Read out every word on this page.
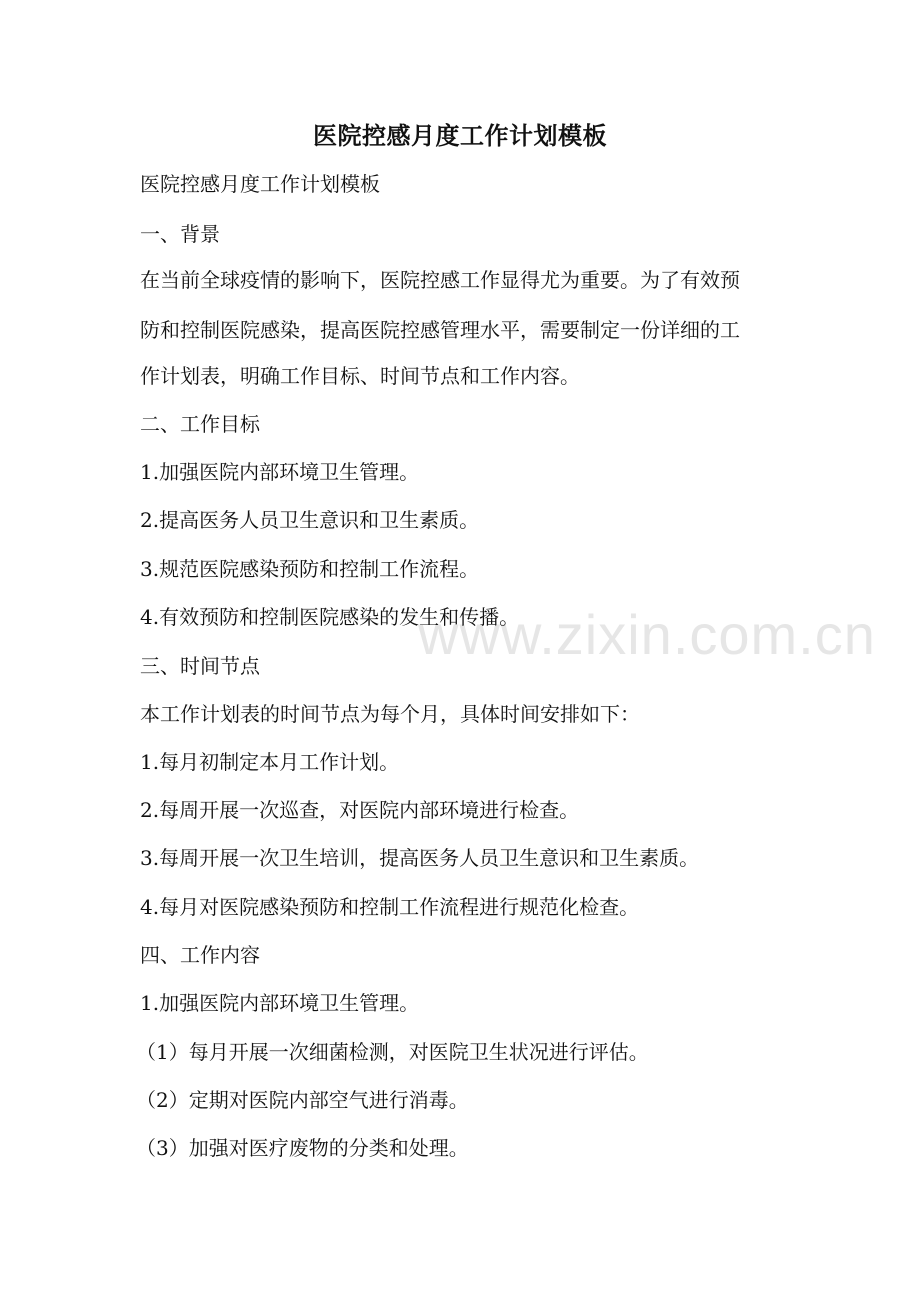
www.zixin.com.cn
医院控感月度工作计划模板
医院控感月度工作计划模板
一、背景
在当前全球疫情的影响下，医院控感工作显得尤为重要。为了有效预
防和控制医院感染，提高医院控感管理水平，需要制定一份详细的工
作计划表，明确工作目标、时间节点和工作内容。
二、工作目标
1.加强医院内部环境卫生管理。
2.提高医务人员卫生意识和卫生素质。
3.规范医院感染预防和控制工作流程。
4.有效预防和控制医院感染的发生和传播。
三、时间节点
本工作计划表的时间节点为每个月，具体时间安排如下：
1.每月初制定本月工作计划。
2.每周开展一次巡查，对医院内部环境进行检查。
3.每周开展一次卫生培训，提高医务人员卫生意识和卫生素质。
4.每月对医院感染预防和控制工作流程进行规范化检查。
四、工作内容
1.加强医院内部环境卫生管理。
（1）每月开展一次细菌检测，对医院卫生状况进行评估。
（2）定期对医院内部空气进行消毒。
（3）加强对医疗废物的分类和处理。
